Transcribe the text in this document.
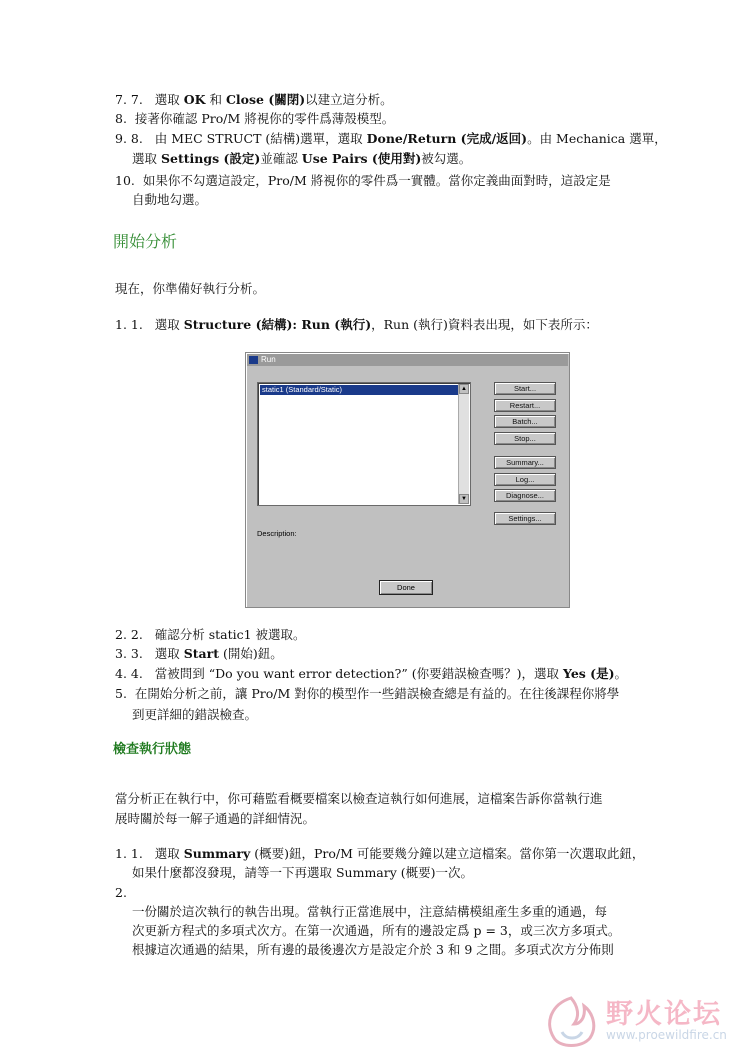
7. 7. 選取 OK 和 Close (關閉)以建立這分析。
8. 接著你確認 Pro/M 將視你的零件爲薄殼模型。
9. 8. 由 MEC STRUCT (結構)選單，選取 Done/Return (完成/返回)。由 Mechanica 選單，
選取 Settings (設定)並確認 Use Pairs (使用對)被勾選。
10. 如果你不勾選這設定，Pro/M 將視你的零件爲一實體。當你定義曲面對時，這設定是
自動地勾選。
開始分析
現在，你準備好執行分析。
1. 1. 選取 Structure (結構): Run (執行)，Run (執行)資料表出現，如下表所示：
Run
static1 (Standard/Static)	▲
▼
Start...
Restart...
Batch...
Stop...
Summary...
Log...
Diagnose...
Settings...
Description:
Done
2. 2. 確認分析 static1 被選取。
3. 3. 選取 Start (開始)鈕。
4. 4. 當被問到 “Do you want error detection?” (你要錯誤檢查嗎？)，選取 Yes (是)。
5. 在開始分析之前，讓 Pro/M 對你的模型作一些錯誤檢查總是有益的。在往後課程你將學
到更詳細的錯誤檢查。
檢查執行狀態
當分析正在執行中，你可藉監看概要檔案以檢查這執行如何進展，這檔案告訴你當執行進
展時關於每一解子通過的詳細情況。
1. 1. 選取 Summary (概要)鈕，Pro/M 可能要幾分鐘以建立這檔案。當你第一次選取此鈕，
如果什麼都沒發現，請等一下再選取 Summary (概要)一次。
2.
一份關於這次執行的執告出現。當執行正當進展中，注意結構模組產生多重的通過，每
次更新方程式的多項式次方。在第一次通過，所有的邊設定爲 p = 3，或三次方多項式。
根據這次通過的結果，所有邊的最後邊次方是設定介於 3 和 9 之間。多項式次方分佈則
野火论坛
www.proewildfire.cn
